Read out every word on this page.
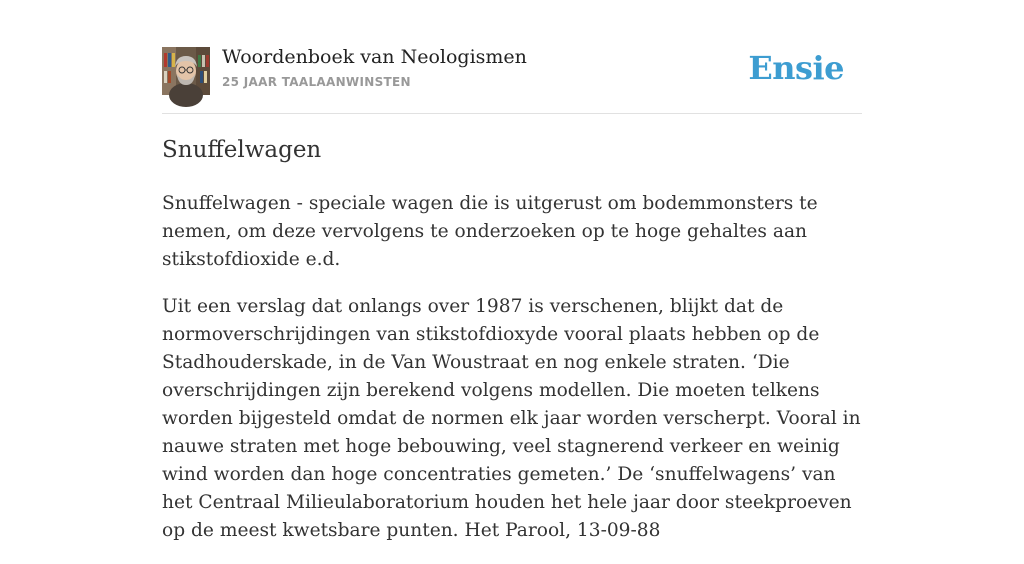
Woordenboek van Neologismen
25 JAAR TAALAANWINSTEN	Ensie
Snuffelwagen

Snuffelwagen - speciale wagen die is uitgerust om bodemmonsters te nemen, om deze vervolgens te onderzoeken op te hoge gehaltes aan stikstofdioxide e.d.

Uit een verslag dat onlangs over 1987 is verschenen, blijkt dat de normoverschrijdingen van stikstofdioxyde vooral plaats hebben op de Stadhouderskade, in de Van Woustraat en nog enkele straten. ‘Die overschrijdingen zijn berekend volgens modellen. Die moeten telkens worden bijgesteld omdat de normen elk jaar worden verscherpt. Vooral in nauwe straten met hoge bebouwing, veel stagnerend verkeer en weinig wind worden dan hoge concentraties gemeten.’ De ‘snuffelwagens’ van het Centraal Milieulaboratorium houden het hele jaar door steekproeven op de meest kwetsbare punten. Het Parool, 13-09-88
